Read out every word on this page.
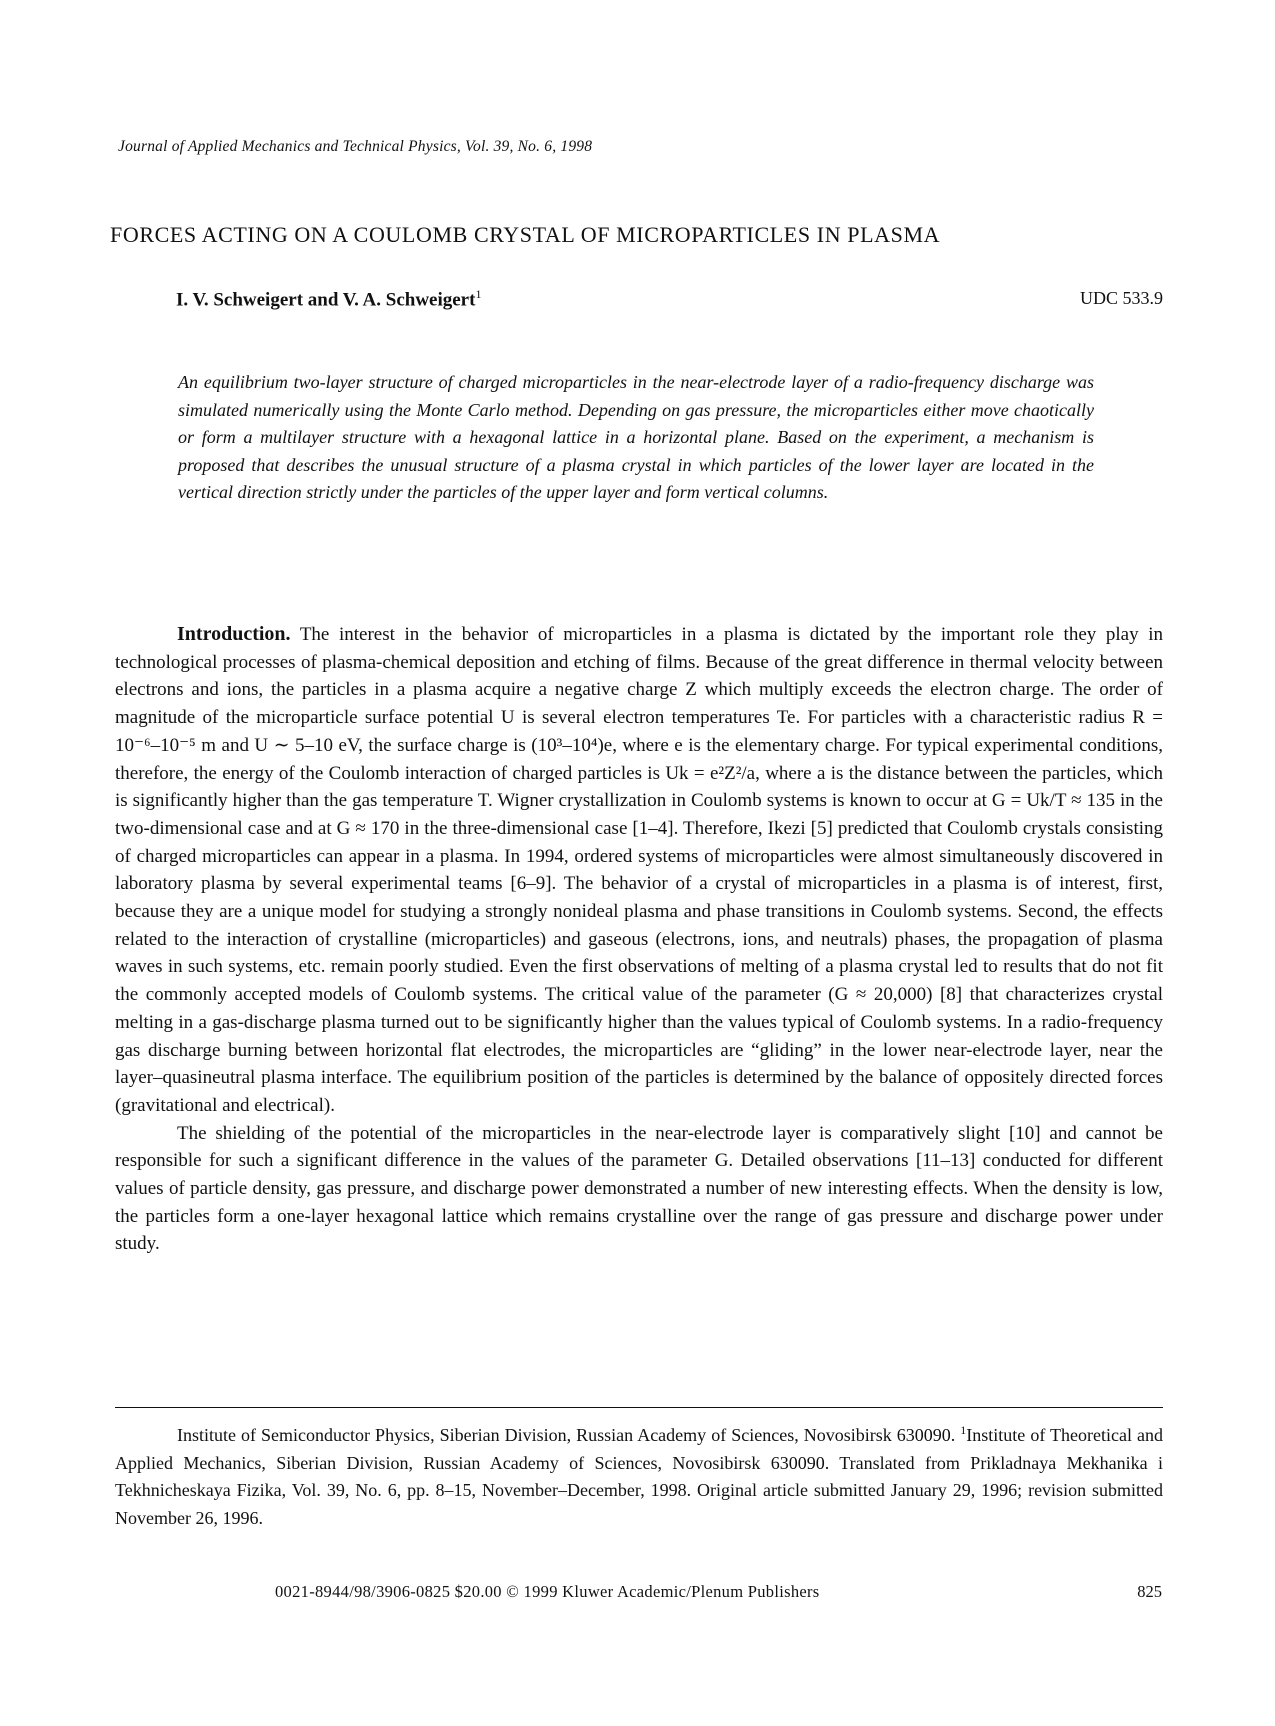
Journal of Applied Mechanics and Technical Physics, Vol. 39, No. 6, 1998
FORCES ACTING ON A COULOMB CRYSTAL OF MICROPARTICLES IN PLASMA
I. V. Schweigert and V. A. Schweigert$^1$	UDC 533.9
An equilibrium two-layer structure of charged microparticles in the near-electrode layer of a radio-frequency discharge was simulated numerically using the Monte Carlo method. Depending on gas pressure, the microparticles either move chaotically or form a multilayer structure with a hexagonal lattice in a horizontal plane. Based on the experiment, a mechanism is proposed that describes the unusual structure of a plasma crystal in which particles of the lower layer are located in the vertical direction strictly under the particles of the upper layer and form vertical columns.

Introduction. The interest in the behavior of microparticles in a plasma is dictated by the important role they play in technological processes of plasma-chemical deposition and etching of films. Because of the great difference in thermal velocity between electrons and ions, the particles in a plasma acquire a negative charge Z which multiply exceeds the electron charge. The order of magnitude of the microparticle surface potential U is several electron temperatures Te. For particles with a characteristic radius R = 10⁻⁶–10⁻⁵ m and U ∼ 5–10 eV, the surface charge is (10³–10⁴)e, where e is the elementary charge. For typical experimental conditions, therefore, the energy of the Coulomb interaction of charged particles is Uk = e²Z²/a, where a is the distance between the particles, which is significantly higher than the gas temperature T. Wigner crystallization in Coulomb systems is known to occur at G = Uk/T ≈ 135 in the two-dimensional case and at G ≈ 170 in the three-dimensional case [1–4]. Therefore, Ikezi [5] predicted that Coulomb crystals consisting of charged microparticles can appear in a plasma. In 1994, ordered systems of microparticles were almost simultaneously discovered in laboratory plasma by several experimental teams [6–9]. The behavior of a crystal of microparticles in a plasma is of interest, first, because they are a unique model for studying a strongly nonideal plasma and phase transitions in Coulomb systems. Second, the effects related to the interaction of crystalline (microparticles) and gaseous (electrons, ions, and neutrals) phases, the propagation of plasma waves in such systems, etc. remain poorly studied. Even the first observations of melting of a plasma crystal led to results that do not fit the commonly accepted models of Coulomb systems. The critical value of the parameter (G ≈ 20,000) [8] that characterizes crystal melting in a gas-discharge plasma turned out to be significantly higher than the values typical of Coulomb systems. In a radio-frequency gas discharge burning between horizontal flat electrodes, the microparticles are “gliding” in the lower near-electrode layer, near the layer–quasineutral plasma interface. The equilibrium position of the particles is determined by the balance of oppositely directed forces (gravitational and electrical).

The shielding of the potential of the microparticles in the near-electrode layer is comparatively slight [10] and cannot be responsible for such a significant difference in the values of the parameter G. Detailed observations [11–13] conducted for different values of particle density, gas pressure, and discharge power demonstrated a number of new interesting effects. When the density is low, the particles form a one-layer hexagonal lattice which remains crystalline over the range of gas pressure and discharge power under study.

Institute of Semiconductor Physics, Siberian Division, Russian Academy of Sciences, Novosibirsk 630090. $^1$Institute of Theoretical and Applied Mechanics, Siberian Division, Russian Academy of Sciences, Novosibirsk 630090. Translated from Prikladnaya Mekhanika i Tekhnicheskaya Fizika, Vol. 39, No. 6, pp. 8–15, November–December, 1998. Original article submitted January 29, 1996; revision submitted November 26, 1996.

0021-8944/98/3906-0825 $20.00 © 1999 Kluwer Academic/Plenum Publishers	825
